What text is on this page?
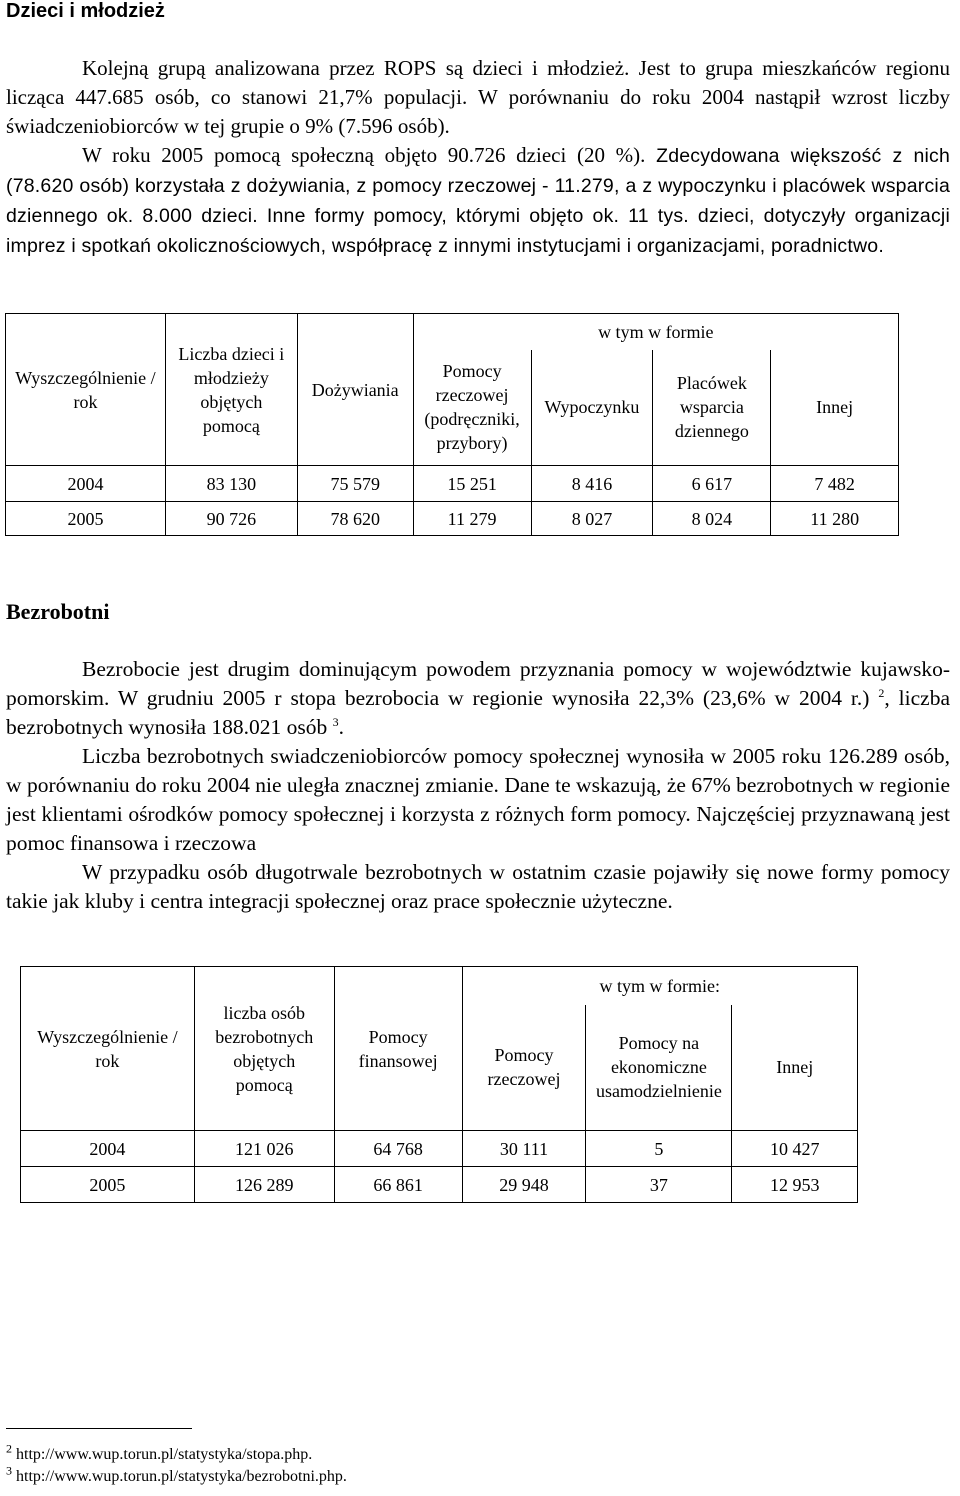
Dzieci i młodzież

Kolejną grupą analizowana przez ROPS są dzieci i młodzież. Jest to grupa mieszkańców regionu licząca 447.685 osób, co stanowi 21,7% populacji. W porównaniu do roku 2004 nastąpił wzrost liczby świadczeniobiorców w tej grupie o 9% (7.596 osób).

W roku 2005 pomocą społeczną objęto 90.726 dzieci (20 %). Zdecydowana większość z nich (78.620 osób) korzystała z dożywiania, z pomocy rzeczowej - 11.279, a z wypoczynku i placówek wsparcia dziennego ok. 8.000 dzieci. Inne formy pomocy, którymi objęto ok. 11 tys. dzieci, dotyczyły organizacji imprez i spotkań okolicznościowych, współpracę z innymi instytucjami i organizacjami, poradnictwo.

Wyszczególnienie / rok	Liczba dzieci i młodzieży objętych pomocą	Dożywiania	w tym w formie			
			Pomocy rzeczowej (podręczniki, przybory)	Wypoczynku	Placówek wsparcia dziennego	Innej
2004	83 130	75 579	15 251	8 416	6 617	7 482
2005	90 726	78 620	11 279	8 027	8 024	11 280
Bezrobotni

Bezrobocie jest drugim dominującym powodem przyznania pomocy w województwie kujawsko-pomorskim. W grudniu 2005 r stopa bezrobocia w regionie wynosiła 22,3% (23,6% w 2004 r.) $^2$, liczba bezrobotnych wynosiła 188.021 osób $^3$.

Liczba bezrobotnych swiadczeniobiorców pomocy społecznej wynosiła w 2005 roku 126.289 osób, w porównaniu do roku 2004 nie uległa znacznej zmianie. Dane te wskazują, że 67% bezrobotnych w regionie jest klientami ośrodków pomocy społecznej i korzysta z różnych form pomocy. Najczęściej przyznawaną jest pomoc finansowa i rzeczowa

W przypadku osób długotrwale bezrobotnych w ostatnim czasie pojawiły się nowe formy pomocy takie jak kluby i centra integracji społecznej oraz prace społecznie użyteczne.

Wyszczególnienie / rok	liczba osób bezrobotnych objętych pomocą	Pomocy finansowej	w tym w formie:		
			Pomocy rzeczowej	Pomocy na ekonomiczne usamodzielnienie	Innej
2004	121 026	64 768	30 111	5	10 427
2005	126 289	66 861	29 948	37	12 953
$^2$ http://www.wup.torun.pl/statystyka/stopa.php.
$^3$ http://www.wup.torun.pl/statystyka/bezrobotni.php.
